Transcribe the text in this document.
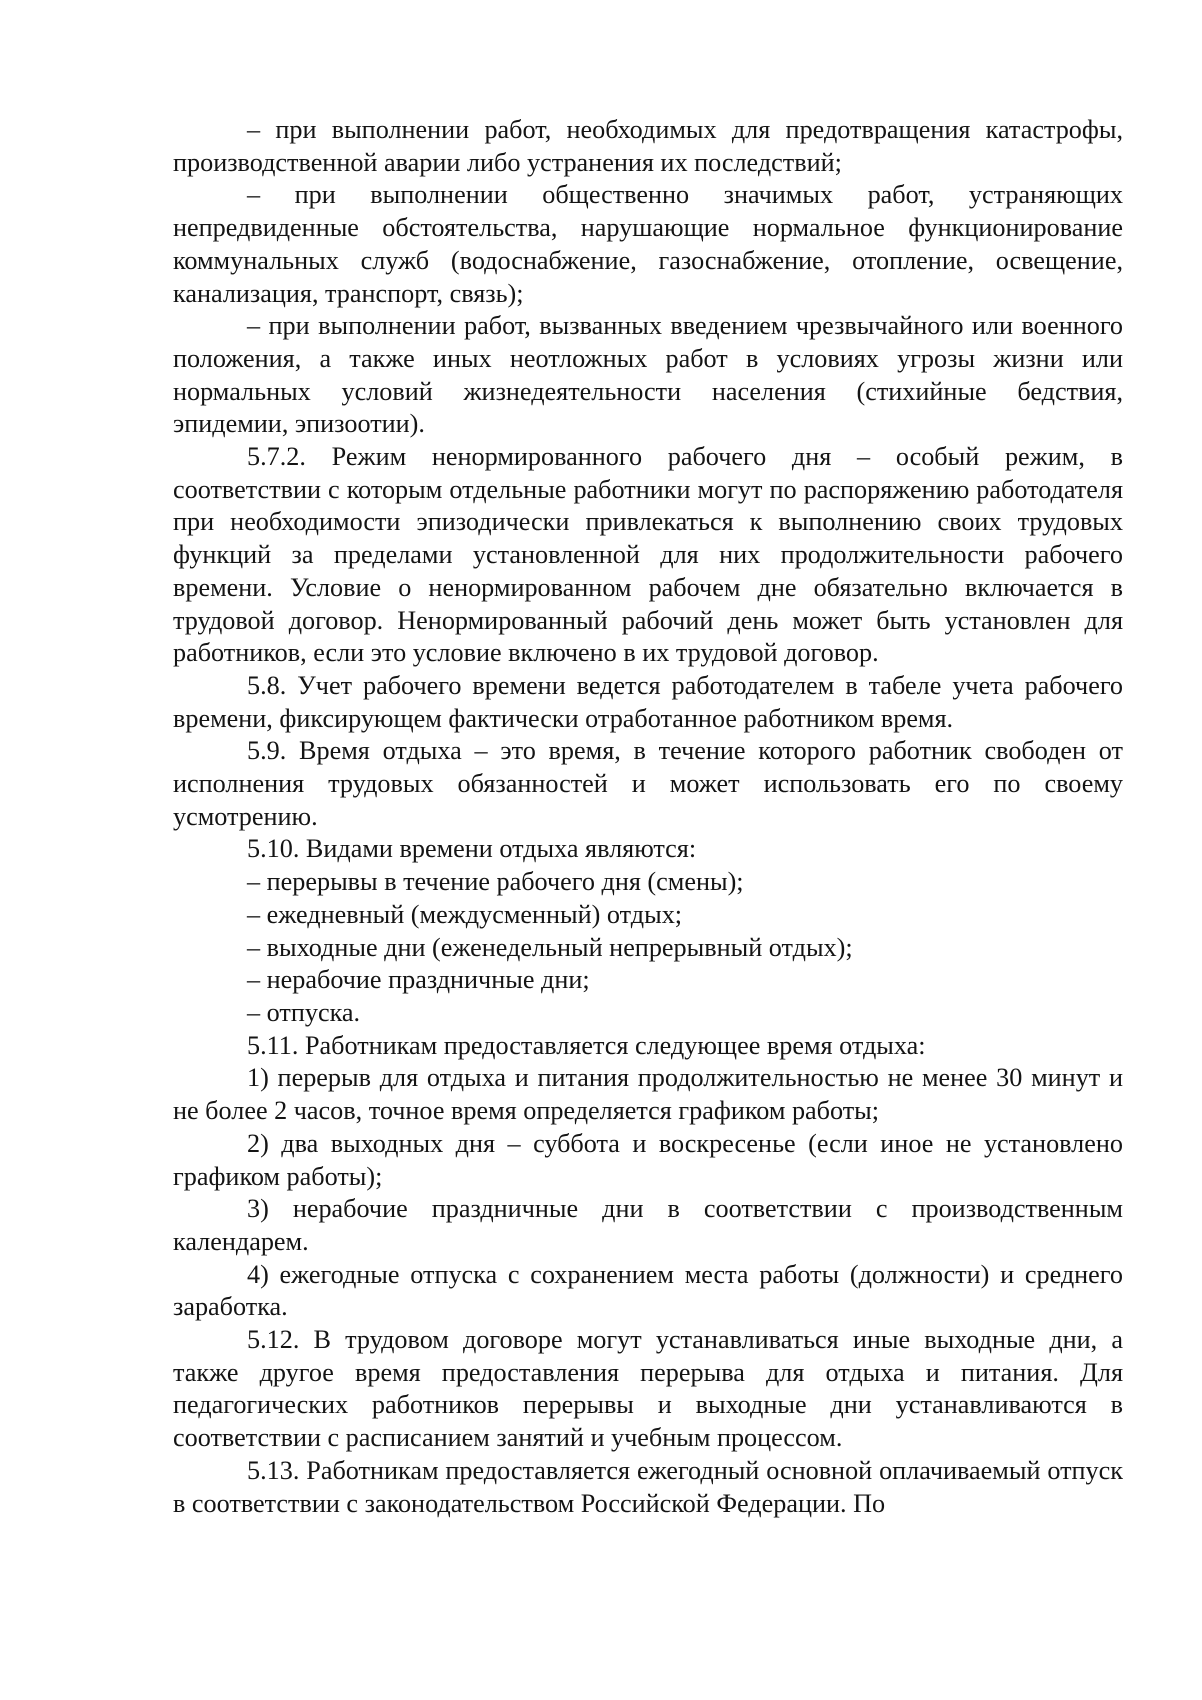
– при выполнении работ, необходимых для предотвращения катастрофы, производственной аварии либо устранения их последствий;

– при выполнении общественно значимых работ, устраняющих непредвиденные обстоятельства, нарушающие нормальное функционирование коммунальных служб (водоснабжение, газоснабжение, отопление, освещение, канализация, транспорт, связь);

– при выполнении работ, вызванных введением чрезвычайного или военного положения, а также иных неотложных работ в условиях угрозы жизни или нормальных условий жизнедеятельности населения (стихийные бедствия, эпидемии, эпизоотии).

5.7.2. Режим ненормированного рабочего дня – особый режим, в соответствии с которым отдельные работники могут по распоряжению работодателя при необходимости эпизодически привлекаться к выполнению своих трудовых функций за пределами установленной для них продолжительности рабочего времени. Условие о ненормированном рабочем дне обязательно включается в трудовой договор. Ненормированный рабочий день может быть установлен для работников, если это условие включено в их трудовой договор.

5.8. Учет рабочего времени ведется работодателем в табеле учета рабочего времени, фиксирующем фактически отработанное работником время.

5.9. Время отдыха – это время, в течение которого работник свободен от исполнения трудовых обязанностей и может использовать его по своему усмотрению.

5.10. Видами времени отдыха являются:

– перерывы в течение рабочего дня (смены);

– ежедневный (междусменный) отдых;

– выходные дни (еженедельный непрерывный отдых);

– нерабочие праздничные дни;

– отпуска.

5.11. Работникам предоставляется следующее время отдыха:

1) перерыв для отдыха и питания продолжительностью не менее 30 минут и не более 2 часов, точное время определяется графиком работы;

2) два выходных дня – суббота и воскресенье (если иное не установлено графиком работы);

3) нерабочие праздничные дни в соответствии с производственным календарем.

4) ежегодные отпуска с сохранением места работы (должности) и среднего заработка.

5.12. В трудовом договоре могут устанавливаться иные выходные дни, а также другое время предоставления перерыва для отдыха и питания. Для педагогических работников перерывы и выходные дни устанавливаются в соответствии с расписанием занятий и учебным процессом.

5.13. Работникам предоставляется ежегодный основной оплачиваемый отпуск в соответствии с законодательством Российской Федерации. По
